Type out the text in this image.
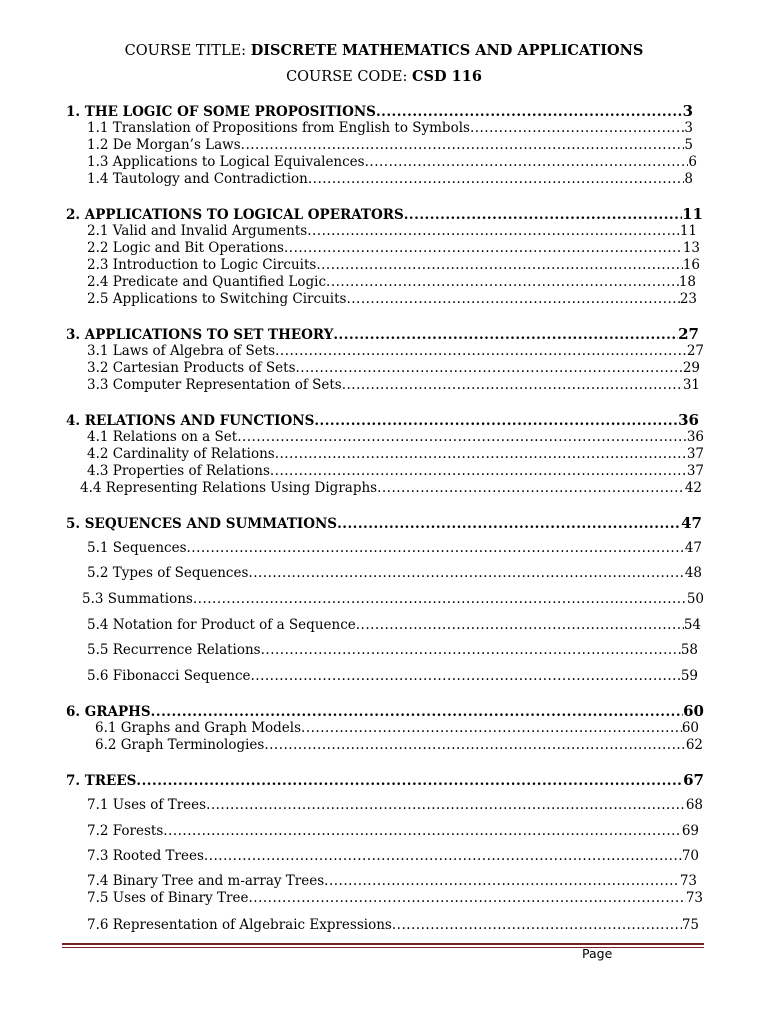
COURSE TITLE: DISCRETE MATHEMATICS AND APPLICATIONS
COURSE CODE: CSD 116
1. THE LOGIC OF SOME PROPOSITIONS .....	3
1.1 Translation of Propositions from English to Symbols .....	3
1.2 De Morgan’s Laws .....	5
1.3 Applications to Logical Equivalences .....	6
1.4 Tautology and Contradiction .....	8
2. APPLICATIONS TO LOGICAL OPERATORS .....	11
2.1 Valid and Invalid Arguments .....	11
2.2 Logic and Bit Operations .....	13
2.3 Introduction to Logic Circuits .....	16
2.4 Predicate and Quantified Logic .....	18
2.5 Applications to Switching Circuits .....	23
3. APPLICATIONS TO SET THEORY .....	27
3.1 Laws of Algebra of Sets .....	27
3.2 Cartesian Products of Sets .....	29
3.3 Computer Representation of Sets .....	31
4. RELATIONS AND FUNCTIONS .....	36
4.1 Relations on a Set .....	36
4.2 Cardinality of Relations .....	37
4.3 Properties of Relations .....	37
4.4 Representing Relations Using Digraphs .....	42
5. SEQUENCES AND SUMMATIONS .....	47
5.1 Sequences .....	47
5.2 Types of Sequences .....	48
5.3 Summations .....	50
5.4 Notation for Product of a Sequence .....	54
5.5 Recurrence Relations .....	58
5.6 Fibonacci Sequence .....	59
6. GRAPHS .....	60
6.1 Graphs and Graph Models .....	60
6.2 Graph Terminologies .....	62
7. TREES .....	67
7.1 Uses of Trees .....	68
7.2 Forests .....	69
7.3 Rooted Trees .....	70
7.4 Binary Tree and m-array Trees .....	73
7.5 Uses of Binary Tree .....	73
7.6 Representation of Algebraic Expressions .....	75
Page
